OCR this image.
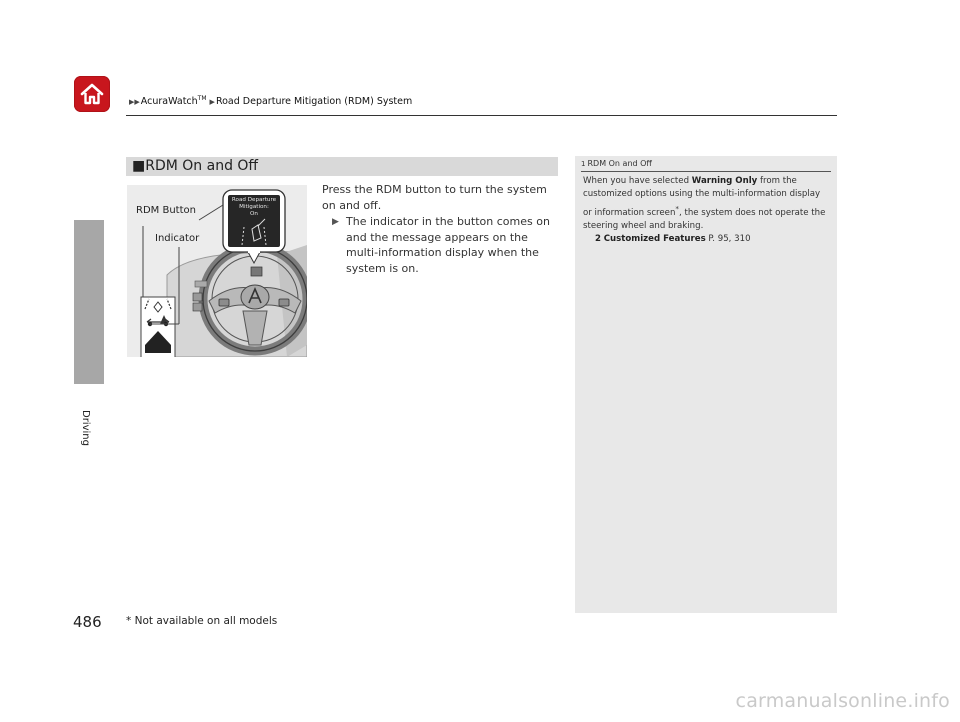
▶▶AcuraWatch™ ▶Road Departure Mitigation (RDM) System
Driving
■RDM On and Off
RDM Button
Indicator
Road Departure
Mitigation:
On

Press the RDM button to turn the system on and off.

▶ The indicator in the button comes on and the message appears on the multi-information display when the system is on.
1 RDM On and Off

When you have selected Warning Only from the customized options using the multi-information display or information screen*, the system does not operate the steering wheel and braking.

2 Customized Features P. 95, 310

486 * Not available on all models
carmanualsonline.info
